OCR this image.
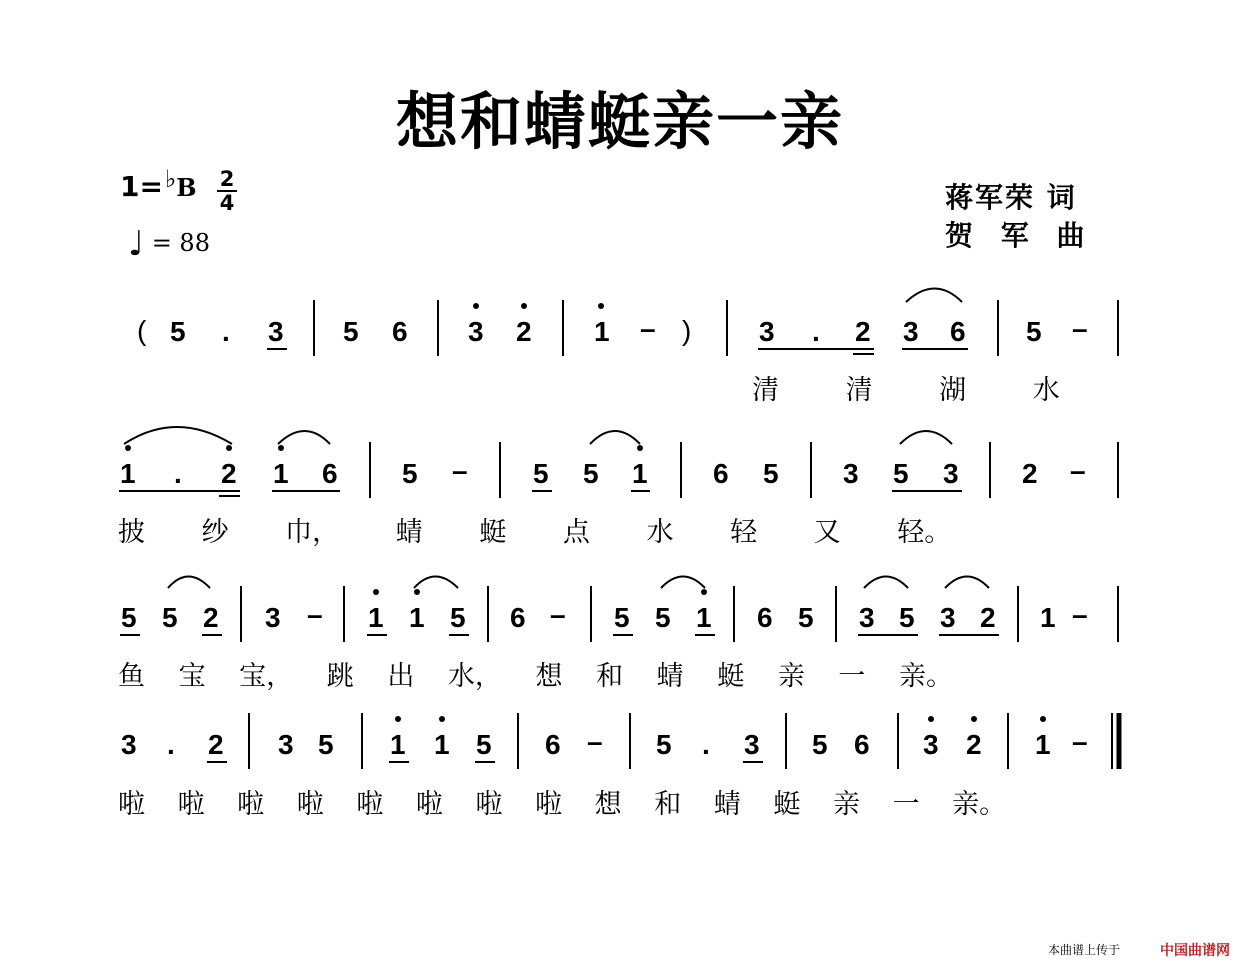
想和蜻蜓亲一亲
1=♭B	2
4
♩ = 88
蒋军荣 词
贺 军 曲
( 5 . 3 5 6 3 2 1 – ) 3 . 2 3 6 5 –
1 . 2 1 6 5 – 5 5 1 6 5 3 5 3 2 –
5 5 2 3 – 1 1 5 6 – 5 5 1 6 5 3 5 3 2 1 –
3 . 2 3 5 1 1 5 6 – 5 . 3 5 6 3 2 1 –
清 清 湖 水
披 纱 巾， 蜻 蜓 点 水 轻 又 轻。
鱼 宝 宝， 跳 出 水， 想 和 蜻 蜓 亲 一 亲。
啦 啦 啦 啦 啦 啦 啦 啦 想 和 蜻 蜓 亲 一 亲。
本曲谱上传于	中国曲谱网
